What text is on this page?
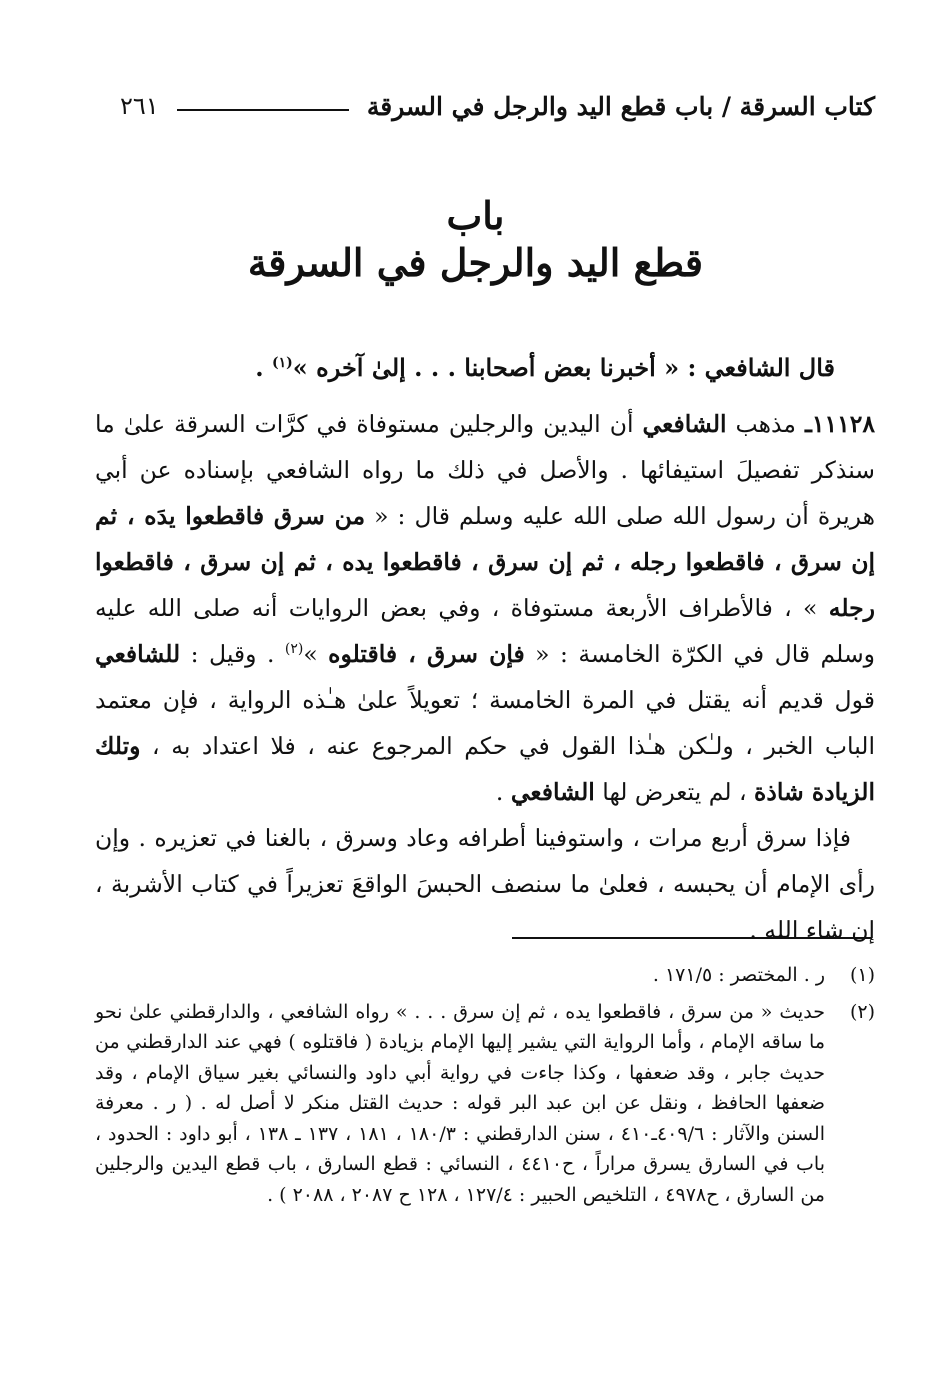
كتاب السرقة / باب قطع اليد والرجل في السرقة
٢٦١
باب
قطع اليد والرجل في السرقة

قال الشافعي : « أخبرنا بعض أصحابنا . . . إلىٰ آخره »$^{(١)}$ .

١١١٢٨ـ مذهب الشافعي أن اليدين والرجلين مستوفاة في كرَّات السرقة علىٰ ما سنذكر تفصيلَ استيفائها . والأصل في ذلك ما رواه الشافعي بإسناده عن أبي هريرة أن رسول الله صلى الله عليه وسلم قال : « من سرق فاقطعوا يدَه ، ثم إن سرق ، فاقطعوا رجله ، ثم إن سرق ، فاقطعوا يده ، ثم إن سرق ، فاقطعوا رجله » ، فالأطراف الأربعة مستوفاة ، وفي بعض الروايات أنه صلى الله عليه وسلم قال في الكرّة الخامسة : « فإن سرق ، فاقتلوه »$^{(٢)}$ . وقيل : للشافعي قول قديم أنه يقتل في المرة الخامسة ؛ تعويلاً علىٰ هـٰذه الرواية ، فإن معتمد الباب الخبر ، ولـٰكن هـٰذا القول في حكم المرجوع عنه ، فلا اعتداد به ، وتلك الزيادة شاذة ، لم يتعرض لها الشافعي .

فإذا سرق أربع مرات ، واستوفينا أطرافه وعاد وسرق ، بالغنا في تعزيره . وإن رأى الإمام أن يحبسه ، فعلىٰ ما سنصف الحبسَ الواقعَ تعزيراً في كتاب الأشربة ، إن شاء الله .

(١)
ر . المختصر : ١٧١/٥ .

(٢)
حديث « من سرق ، فاقطعوا يده ، ثم إن سرق . . . » رواه الشافعي ، والدارقطني علىٰ نحو ما ساقه الإمام ، وأما الرواية التي يشير إليها الإمام بزيادة ( فاقتلوه ) فهي عند الدارقطني من حديث جابر ، وقد ضعفها ، وكذا جاءت في رواية أبي داود والنسائي بغير سياق الإمام ، وقد ضعفها الحافظ ، ونقل عن ابن عبد البر قوله : حديث القتل منكر لا أصل له . ( ر . معرفة السنن والآثار : ٤٠٩/٦ـ٤١٠ ، سنن الدارقطني : ١٨٠/٣ ، ١٨١ ، ١٣٧ ـ ١٣٨ ، أبو داود : الحدود ، باب في السارق يسرق مراراً ، ح٤٤١٠ ، النسائي : قطع السارق ، باب قطع اليدين والرجلين من السارق ، ح٤٩٧٨ ، التلخيص الحبير : ١٢٧/٤ ، ١٢٨ ح ٢٠٨٧ ، ٢٠٨٨ ) .
